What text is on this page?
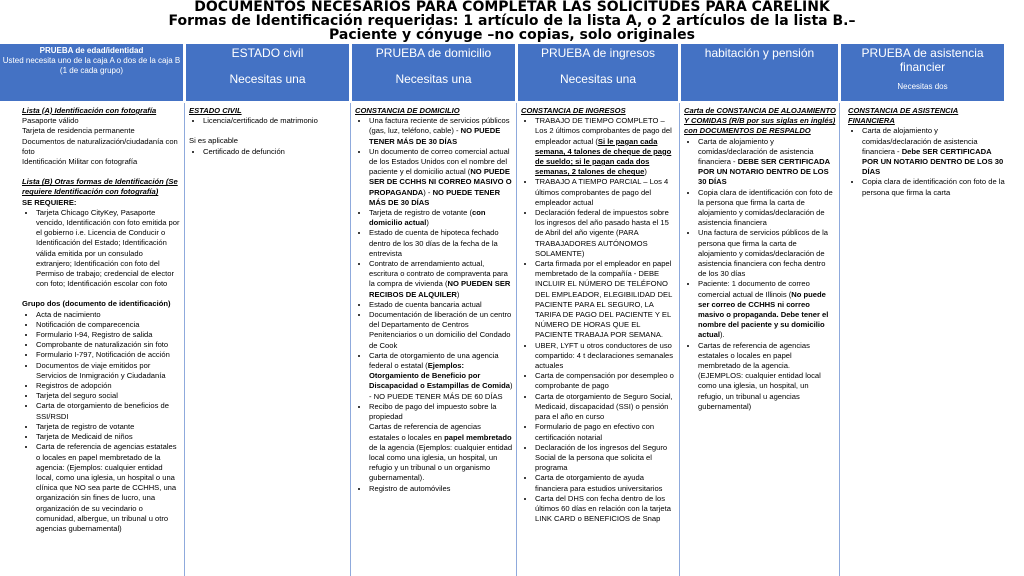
DOCUMENTOS NECESARIOS PARA COMPLETAR LAS SOLICITUDES PARA CARELINK
Formas de Identificación requeridas: 1 artículo de la lista A, o 2 artículos de la lista B.–
Paciente y cónyuge –no copias, solo originales
PRUEBA de edad/identidad
Usted necesita uno de la caja A o dos de la caja B (1 de cada grupo)
ESTADO civil
Necesitas una
PRUEBA de domicilio
Necesitas una
PRUEBA de ingresos
Necesitas una
habitación y pensión	PRUEBA de asistencia financier
Necesitas dos
Lista (A) Identificación con fotografía
Pasaporte válido
Tarjeta de residencia permanente
Documentos de naturalización/ciudadanía con foto
Identificación Militar con fotografía
Lista (B) Otras formas de Identificación (Se requiere Identificación con fotografía)
SE REQUIERE:
• Tarjeta Chicago CityKey, Pasaporte vencido, Identificación con foto emitida por el gobierno i.e. Licencia de Conducir o Identificación del Estado; Identificación válida emitida por un consulado extranjero; Identificación con foto del Permiso de trabajo; credencial de elector con foto; Identificación escolar con foto
Grupo dos (documento de identificación)
• Acta de nacimiento
• Notificación de comparecencia
• Formulario I-94, Registro de salida
• Comprobante de naturalización sin foto
• Formulario I-797, Notificación de acción
• Documentos de viaje emitidos por Servicios de Inmigración y Ciudadanía
• Registros de adopción
• Tarjeta del seguro social
• Carta de otorgamiento de beneficios de SSI/RSDI
• Tarjeta de registro de votante
• Tarjeta de Medicaid de niños
• Carta de referencia de agencias estatales o locales en papel membretado de la agencia: (Ejemplos: cualquier entidad local, como una iglesia, un hospital o una clínica que NO sea parte de CCHHS, una organización sin fines de lucro, una organización de su vecindario o comunidad, albergue, un tribunal u otro agencias gubernamental)
ESTADO CIVIL
• Licencia/certificado de matrimonio
Si es aplicable
• Certificado de defunción
CONSTANCIA DE DOMICILIO
• Una factura reciente de servicios públicos (gas, luz, teléfono, cable) - NO PUEDE TENER MÁS DE 30 DÍAS
• Un documento de correo comercial actual de los Estados Unidos con el nombre del paciente y el domicilio actual (NO PUEDE SER DE CCHHS NI CORREO MASIVO O PROPAGANDA) - NO PUEDE TENER MÁS DE 30 DÍAS
• Tarjeta de registro de votante (con domicilio actual)
• Estado de cuenta de hipoteca fechado dentro de los 30 días de la fecha de la entrevista
• Contrato de arrendamiento actual, escritura o contrato de compraventa para la compra de vivienda (NO PUEDEN SER RECIBOS DE ALQUILER)
• Estado de cuenta bancaria actual
• Documentación de liberación de un centro del Departamento de Centros Penitenciarios o un domicilio del Condado de Cook
• Carta de otorgamiento de una agencia federal o estatal (Ejemplos: Otorgamiento de Beneficio por Discapacidad o Estampillas de Comida) - NO PUEDE TENER MÁS DE 60 DÍAS
• Recibo de pago del impuesto sobre la propiedad
Cartas de referencia de agencias estatales o locales en papel membretado de la agencia (Ejemplos: cualquier entidad local como una iglesia, un hospital, un refugio y un tribunal o un organismo gubernamental).
• Registro de automóviles
CONSTANCIA DE INGRESOS
• TRABAJO DE TIEMPO COMPLETO – Los 2 últimos comprobantes de pago del empleador actual (Si le pagan cada semana, 4 talones de cheque de pago de sueldo; si le pagan cada dos semanas, 2 talones de cheque)
• TRABAJO A TIEMPO PARCIAL – Los 4 últimos comprobantes de pago del empleador actual
• Declaración federal de impuestos sobre los ingresos del año pasado hasta el 15 de Abril del año vigente (PARA TRABAJADORES AUTÓNOMOS SOLAMENTE)
• Carta firmada por el empleador en papel membretado de la compañía - DEBE INCLUIR EL NÚMERO DE TELÉFONO DEL EMPLEADOR, ELEGIBILIDAD DEL PACIENTE PARA EL SEGURO, LA TARIFA DE PAGO DEL PACIENTE Y EL NÚMERO DE HORAS QUE EL PACIENTE TRABAJA POR SEMANA.
• UBER, LYFT u otros conductores de uso compartido: 4 t declaraciones semanales actuales
• Carta de compensación por desempleo o comprobante de pago
• Carta de otorgamiento de Seguro Social, Medicaid, discapacidad (SSI) o pensión para el año en curso
• Formulario de pago en efectivo con certificación notarial
• Declaración de los ingresos del Seguro Social de la persona que solicita el programa
• Carta de otorgamiento de ayuda financiera para estudios universitarios
• Carta del DHS con fecha dentro de los últimos 60 días en relación con la tarjeta LINK CARD o BENEFICIOS de Snap
Carta de CONSTANCIA DE ALOJAMIENTO Y COMIDAS (R/B por sus siglas en inglés) con DOCUMENTOS DE RESPALDO
• Carta de alojamiento y comidas/declaración de asistencia financiera - DEBE SER CERTIFICADA POR UN NOTARIO DENTRO DE LOS 30 DÍAS
• Copia clara de identificación con foto de la persona que firma la carta de alojamiento y comidas/declaración de asistencia financiera
• Una factura de servicios públicos de la persona que firma la carta de alojamiento y comidas/declaración de asistencia financiera con fecha dentro de los 30 días
• Paciente: 1 documento de correo comercial actual de Illinois (No puede ser correo de CCHHS ni correo masivo o propaganda. Debe tener el nombre del paciente y su domicilio actual).
• Cartas de referencia de agencias estatales o locales en papel membretado de la agencia. (EJEMPLOS: cualquier entidad local como una iglesia, un hospital, un refugio, un tribunal u agencias gubernamental)
CONSTANCIA DE ASISTENCIA FINANCIERA
• Carta de alojamiento y comidas/declaración de asistencia financiera - Debe SER CERTIFICADA POR UN NOTARIO DENTRO DE LOS 30 DÍAS
• Copia clara de identificación con foto de la persona que firma la carta
